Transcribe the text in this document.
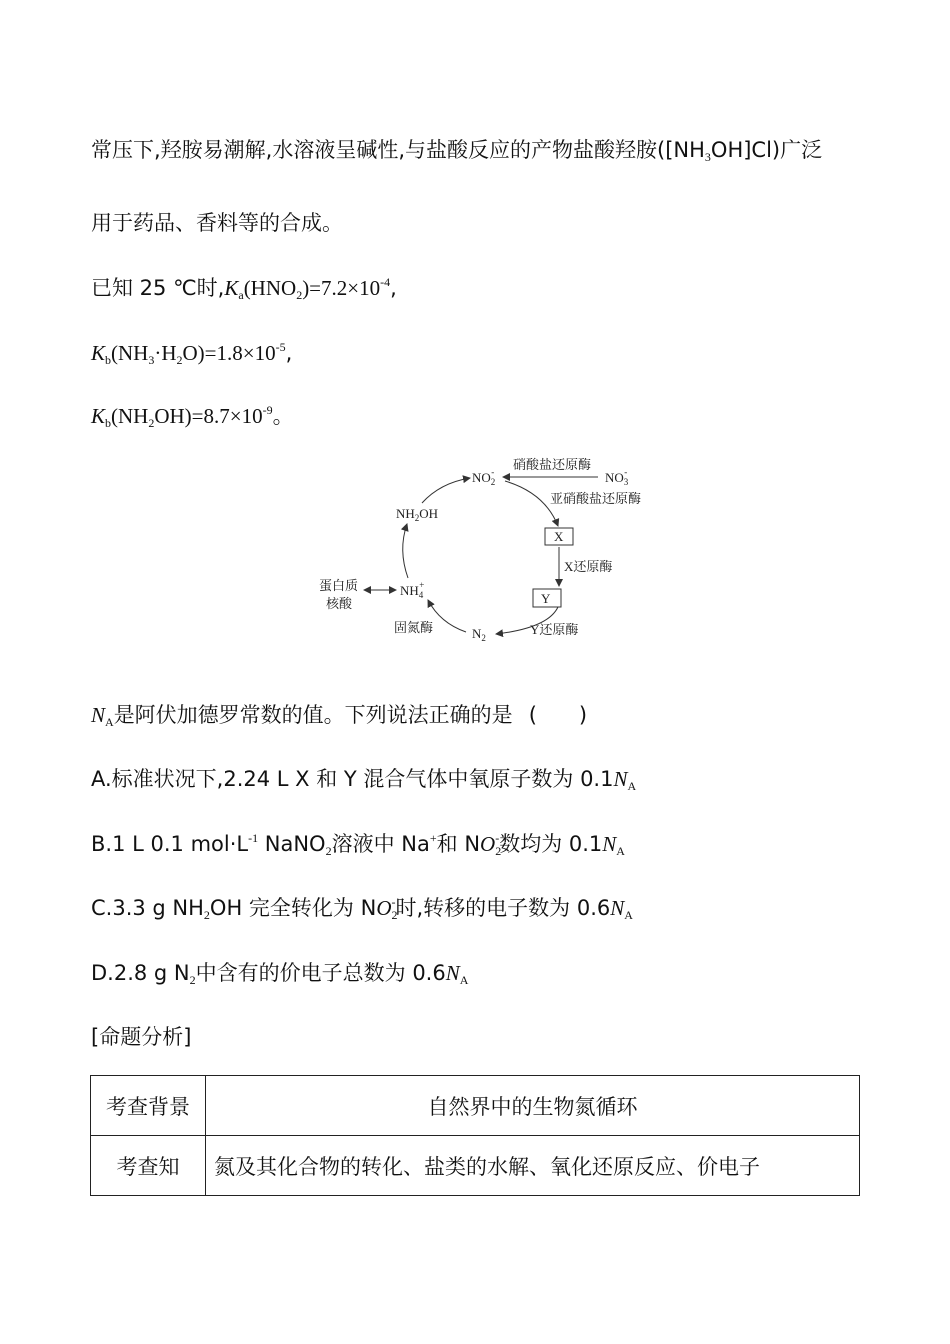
常压下,羟胺易潮解,水溶液呈碱性,与盐酸反应的产物盐酸羟胺$([NH_3OH]Cl)$广泛
用于药品、香料等的合成。
已知 25 ℃时$,K_a(HNO_2)=7.2\times 10^{-4}$,
$K_b(NH_3\cdot H_2O)=1.8\times 10^{-5}$,
$K_b(NH_2OH)=8.7\times 10^{-9}$。
$NO_2-$	$NO_3-$
硝酸盐还原酶
亚硝酸盐还原酶
X
X还原酶
Y
Y还原酶
$N_2$
固氮酶
$NH_4+$
$NH_2OH$
蛋白质
核酸
$N_A$是阿伏加德罗常数的值。下列说法正确的是 (　　)
A.标准状况下,2.24 L X 和 Y 混合气体中氧原子数为 $0.1N_A$
B.1 L 0.1 $mol\cdot L^{-1}$ NaNO$_2$溶液中 Na+和 $NO_2^-$数均为 $0.1N_A$
C.3.3 g $NH_2OH$ 完全转化为 $NO_2^-$时,转移的电子数为 $0.6N_A$
D.2.8 g $N_2$中含有的价电子总数为 $0.6N_A$
[命题分析]
考查背景	自然界中的生物氮循环
考查知	氮及其化合物的转化、盐类的水解、氧化还原反应、价电子
